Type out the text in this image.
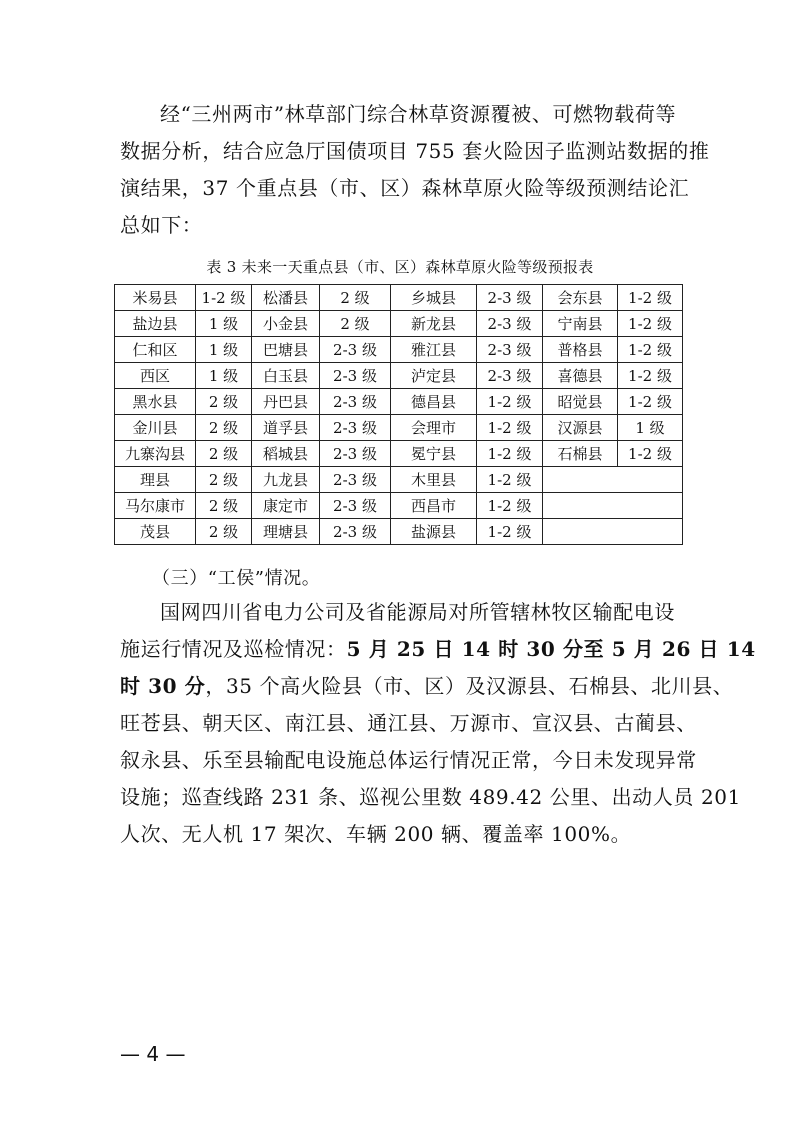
经“三州两市”林草部门综合林草资源覆被、可燃物载荷等
数据分析，结合应急厅国债项目 755 套火险因子监测站数据的推
演结果，37 个重点县（市、区）森林草原火险等级预测结论汇
总如下：

表 3 未来一天重点县（市、区）森林草原火险等级预报表
米易县	1-2 级	松潘县	2 级	乡城县	2-3 级	会东县	1-2 级
盐边县	1 级	小金县	2 级	新龙县	2-3 级	宁南县	1-2 级
仁和区	1 级	巴塘县	2-3 级	雅江县	2-3 级	普格县	1-2 级
西区	1 级	白玉县	2-3 级	泸定县	2-3 级	喜德县	1-2 级
黑水县	2 级	丹巴县	2-3 级	德昌县	1-2 级	昭觉县	1-2 级
金川县	2 级	道孚县	2-3 级	会理市	1-2 级	汉源县	1 级
九寨沟县	2 级	稻城县	2-3 级	冕宁县	1-2 级	石棉县	1-2 级
理县	2 级	九龙县	2-3 级	木里县	1-2 级		
马尔康市	2 级	康定市	2-3 级	西昌市	1-2 级		
茂县	2 级	理塘县	2-3 级	盐源县	1-2 级		
（三）“工侯”情况。

国网四川省电力公司及省能源局对所管辖林牧区输配电设
施运行情况及巡检情况：5 月 25 日 14 时 30 分至 5 月 26 日 14
时 30 分，35 个高火险县（市、区）及汉源县、石棉县、北川县、
旺苍县、朝天区、南江县、通江县、万源市、宣汉县、古蔺县、
叙永县、乐至县输配电设施总体运行情况正常，今日未发现异常
设施；巡查线路 231 条、巡视公里数 489.42 公里、出动人员 201
人次、无人机 17 架次、车辆 200 辆、覆盖率 100%。

— 4 —
